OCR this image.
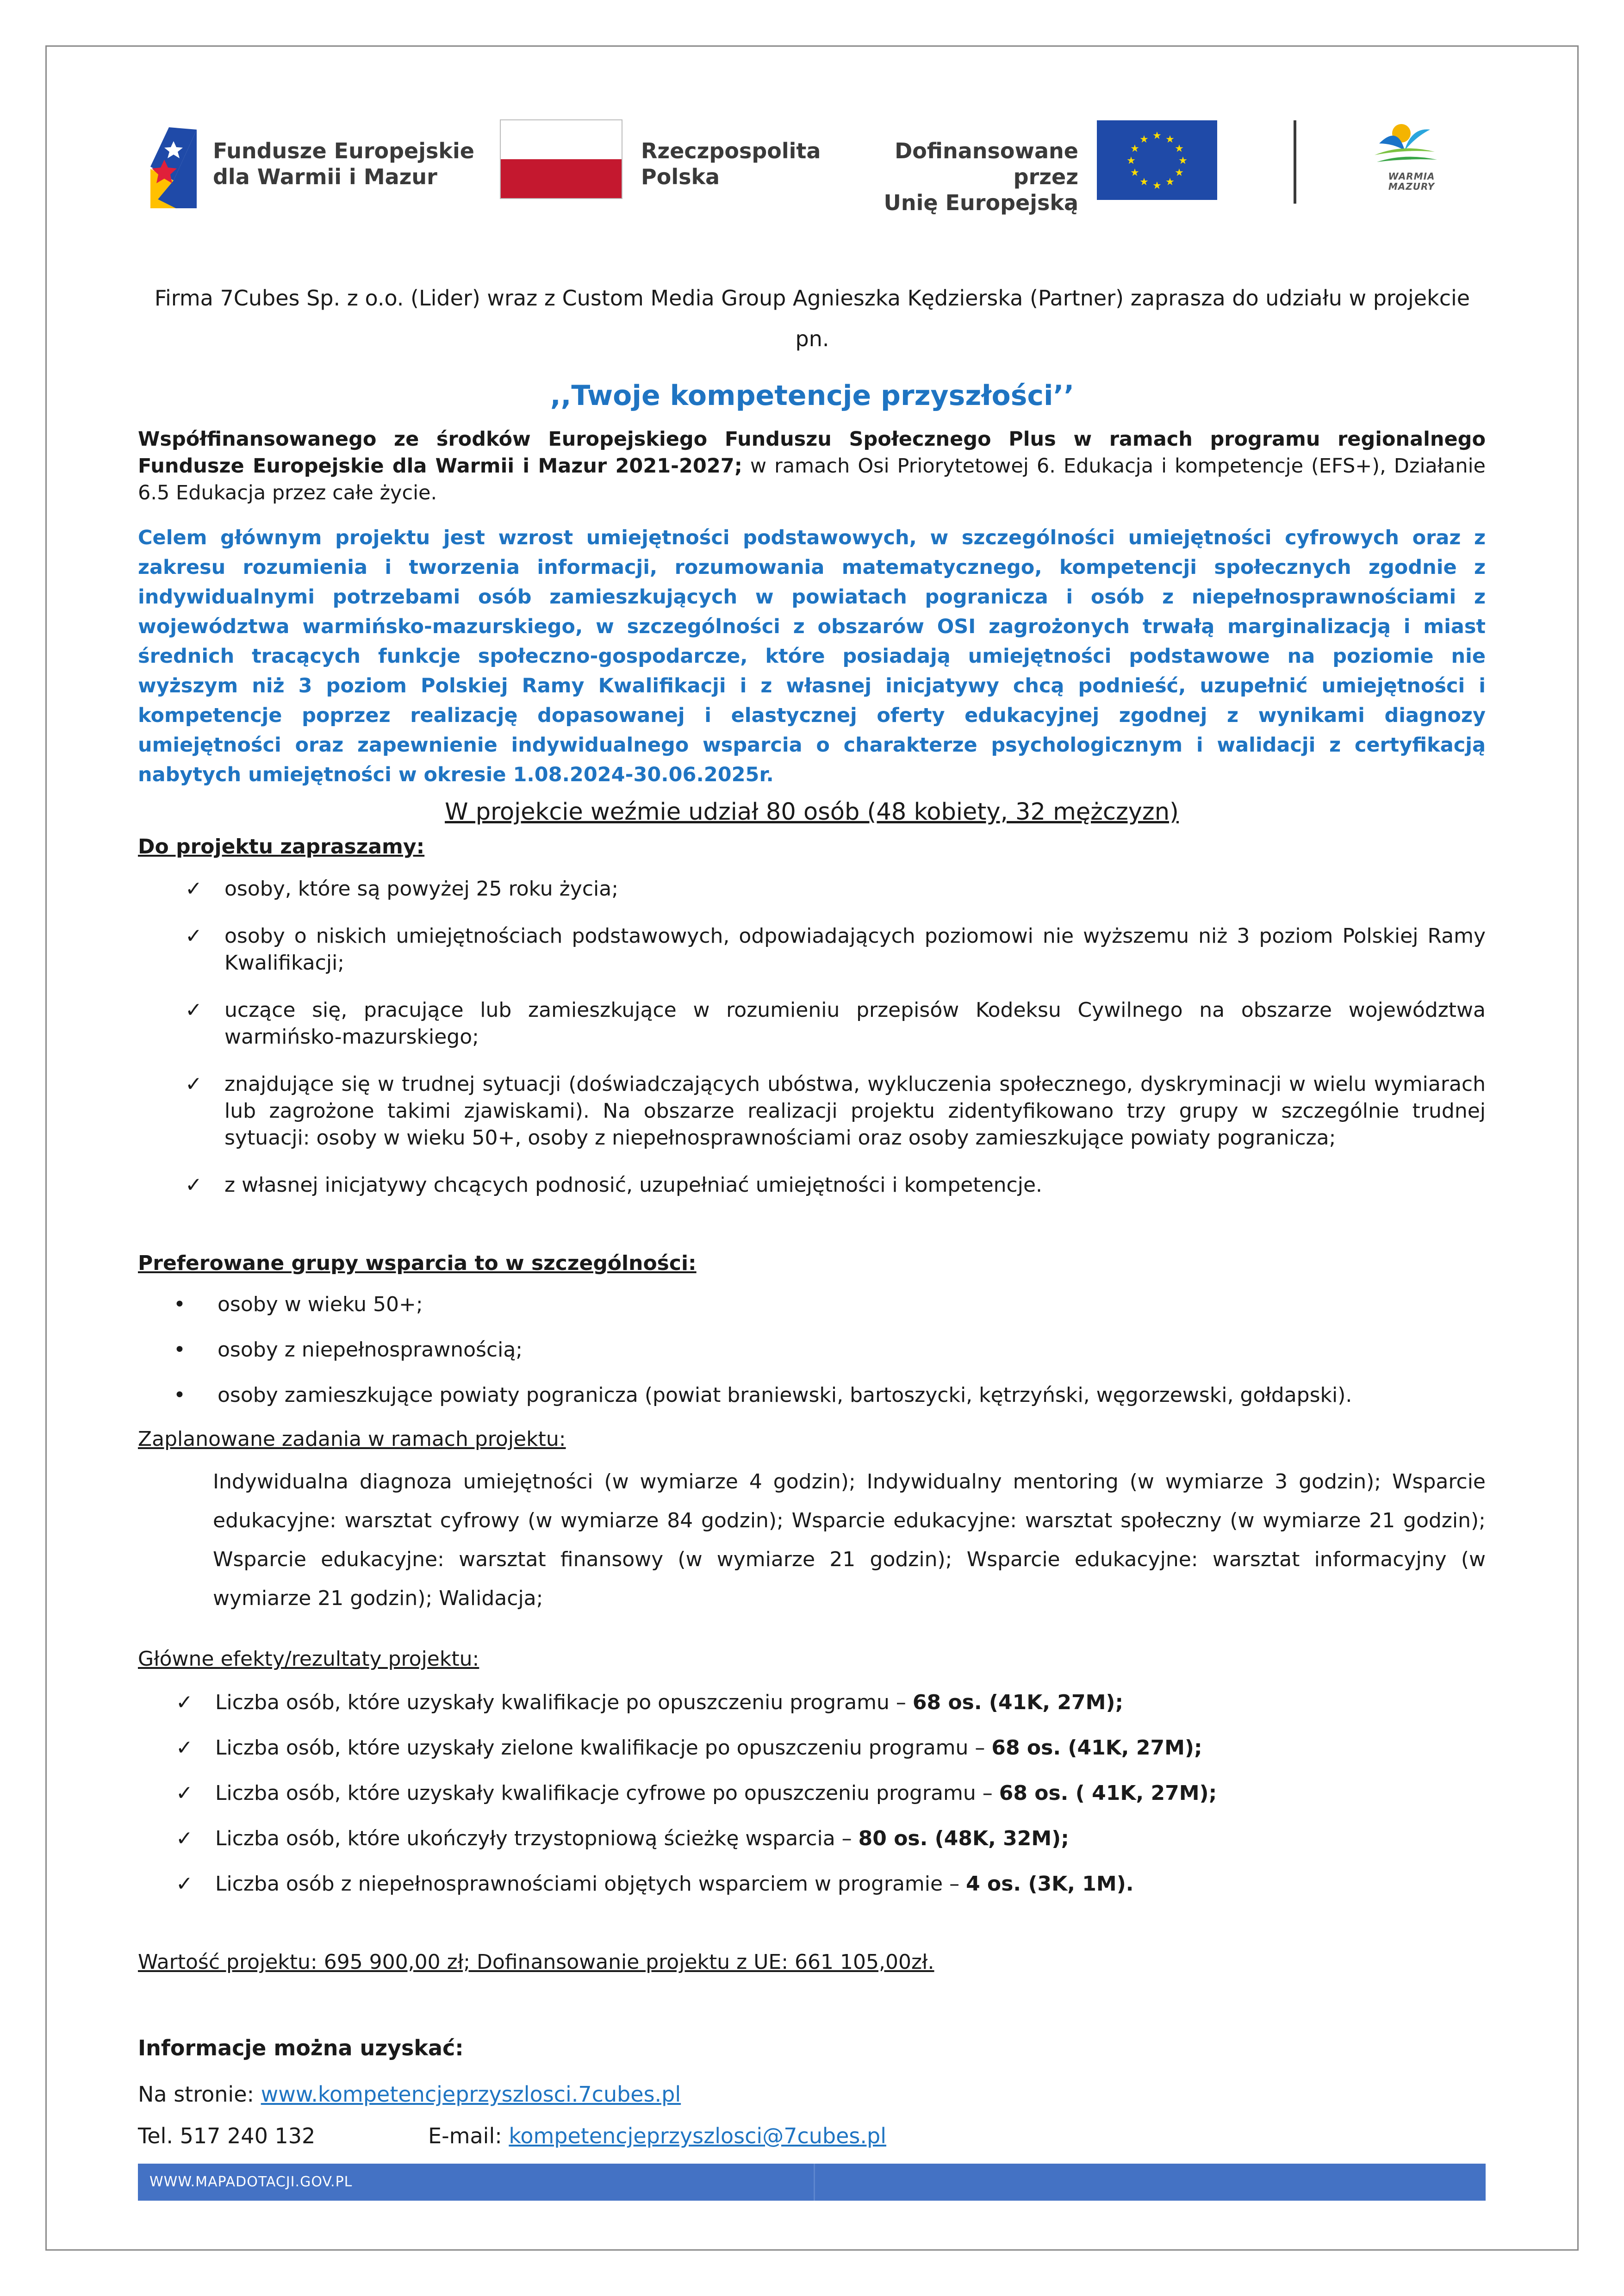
Fundusze Europejskie
dla Warmii i Mazur
Rzeczpospolita
Polska
Dofinansowane przez
Unię Europejską
★ ★
★
★
★
★
★
★
★
★
★
★
WARMIA MAZURY
Firma 7Cubes Sp. z o.o. (Lider) wraz z Custom Media Group Agnieszka Kędzierska (Partner) zaprasza do udziału w projekcie pn.
,,Twoje kompetencje przyszłości’’
Współfinansowanego ze środków Europejskiego Funduszu Społecznego Plus w ramach programu regionalnego Fundusze Europejskie dla Warmii i Mazur 2021-2027; w ramach Osi Priorytetowej 6. Edukacja i kompetencje (EFS+), Działanie 6.5 Edukacja przez całe życie.
Celem głównym projektu jest wzrost umiejętności podstawowych, w szczególności umiejętności cyfrowych oraz z zakresu rozumienia i tworzenia informacji, rozumowania matematycznego, kompetencji społecznych zgodnie z indywidualnymi potrzebami osób zamieszkujących w powiatach pogranicza i osób z niepełnosprawnościami z województwa warmińsko-mazurskiego, w szczególności z obszarów OSI zagrożonych trwałą marginalizacją i miast średnich tracących funkcje społeczno-gospodarcze, które posiadają umiejętności podstawowe na poziomie nie wyższym niż 3 poziom Polskiej Ramy Kwalifikacji i z własnej inicjatywy chcą podnieść, uzupełnić umiejętności i kompetencje poprzez realizację dopasowanej i elastycznej oferty edukacyjnej zgodnej z wynikami diagnozy umiejętności oraz zapewnienie indywidualnego wsparcia o charakterze psychologicznym i walidacji z certyfikacją nabytych umiejętności w okresie 1.08.2024-30.06.2025r.
W projekcie weźmie udział 80 osób (48 kobiety, 32 mężczyzn)
Do projektu zapraszamy:
✓ osoby, które są powyżej 25 roku życia;
✓ osoby o niskich umiejętnościach podstawowych, odpowiadających poziomowi nie wyższemu niż 3 poziom Polskiej Ramy Kwalifikacji;
✓ uczące się, pracujące lub zamieszkujące w rozumieniu przepisów Kodeksu Cywilnego na obszarze województwa warmińsko-mazurskiego;
✓ znajdujące się w trudnej sytuacji (doświadczających ubóstwa, wykluczenia społecznego, dyskryminacji w wielu wymiarach lub zagrożone takimi zjawiskami). Na obszarze realizacji projektu zidentyfikowano trzy grupy w szczególnie trudnej sytuacji: osoby w wieku 50+, osoby z niepełnosprawnościami oraz osoby zamieszkujące powiaty pogranicza;
✓ z własnej inicjatywy chcących podnosić, uzupełniać umiejętności i kompetencje.
Preferowane grupy wsparcia to w szczególności:
• osoby w wieku 50+;
• osoby z niepełnosprawnością;
• osoby zamieszkujące powiaty pogranicza (powiat braniewski, bartoszycki, kętrzyński, węgorzewski, gołdapski).
Zaplanowane zadania w ramach projektu:
Indywidualna diagnoza umiejętności (w wymiarze 4 godzin); Indywidualny mentoring (w wymiarze 3 godzin); Wsparcie edukacyjne: warsztat cyfrowy (w wymiarze 84 godzin); Wsparcie edukacyjne: warsztat społeczny (w wymiarze 21 godzin); Wsparcie edukacyjne: warsztat finansowy (w wymiarze 21 godzin); Wsparcie edukacyjne: warsztat informacyjny (w wymiarze 21 godzin); Walidacja;
Główne efekty/rezultaty projektu:
✓ Liczba osób, które uzyskały kwalifikacje po opuszczeniu programu – 68 os. (41K, 27M);
✓ Liczba osób, które uzyskały zielone kwalifikacje po opuszczeniu programu – 68 os. (41K, 27M);
✓ Liczba osób, które uzyskały kwalifikacje cyfrowe po opuszczeniu programu – 68 os. ( 41K, 27M);
✓ Liczba osób, które ukończyły trzystopniową ścieżkę wsparcia – 80 os. (48K, 32M);
✓ Liczba osób z niepełnosprawnościami objętych wsparciem w programie – 4 os. (3K, 1M).
Wartość projektu: 695 900,00 zł; Dofinansowanie projektu z UE: 661 105,00zł.
Informacje można uzyskać:
Na stronie: www.kompetencjeprzyszlosci.7cubes.pl
Tel. 517 240 132	E-mail: kompetencjeprzyszlosci@7cubes.pl
WWW.MAPADOTACJI.GOV.PL
